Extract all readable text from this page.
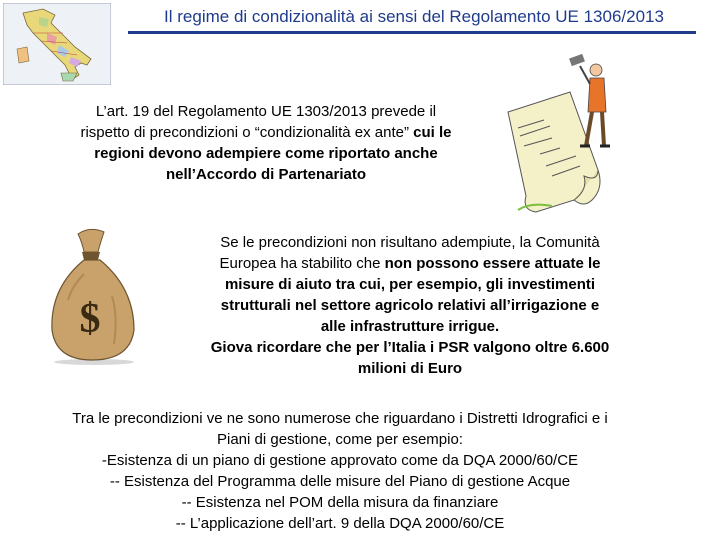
Il regime di condizionalità ai sensi del Regolamento UE 1306/2013
L’art. 19 del Regolamento UE 1303/2013 prevede il
rispetto di precondizioni o “condizionalità ex ante” cui le
regioni devono adempiere come riportato anche
nell’Accordo di Partenariato
Se le precondizioni non risultano adempiute, la Comunità
Europea ha stabilito che non possono essere attuate le
misure di aiuto tra cui, per esempio, gli investimenti
strutturali nel settore agricolo relativi all’irrigazione e
alle infrastrutture irrigue.
Giova ricordare che per l’Italia i PSR valgono oltre 6.600
milioni di Euro
$
Tra le precondizioni ve ne sono numerose che riguardano i Distretti Idrografici e i
Piani di gestione, come per esempio:
-Esistenza di un piano di gestione approvato come da DQA 2000/60/CE
-- Esistenza del Programma delle misure del Piano di gestione Acque
-- Esistenza nel POM della misura da finanziare
-- L’applicazione dell’art. 9 della DQA 2000/60/CE
